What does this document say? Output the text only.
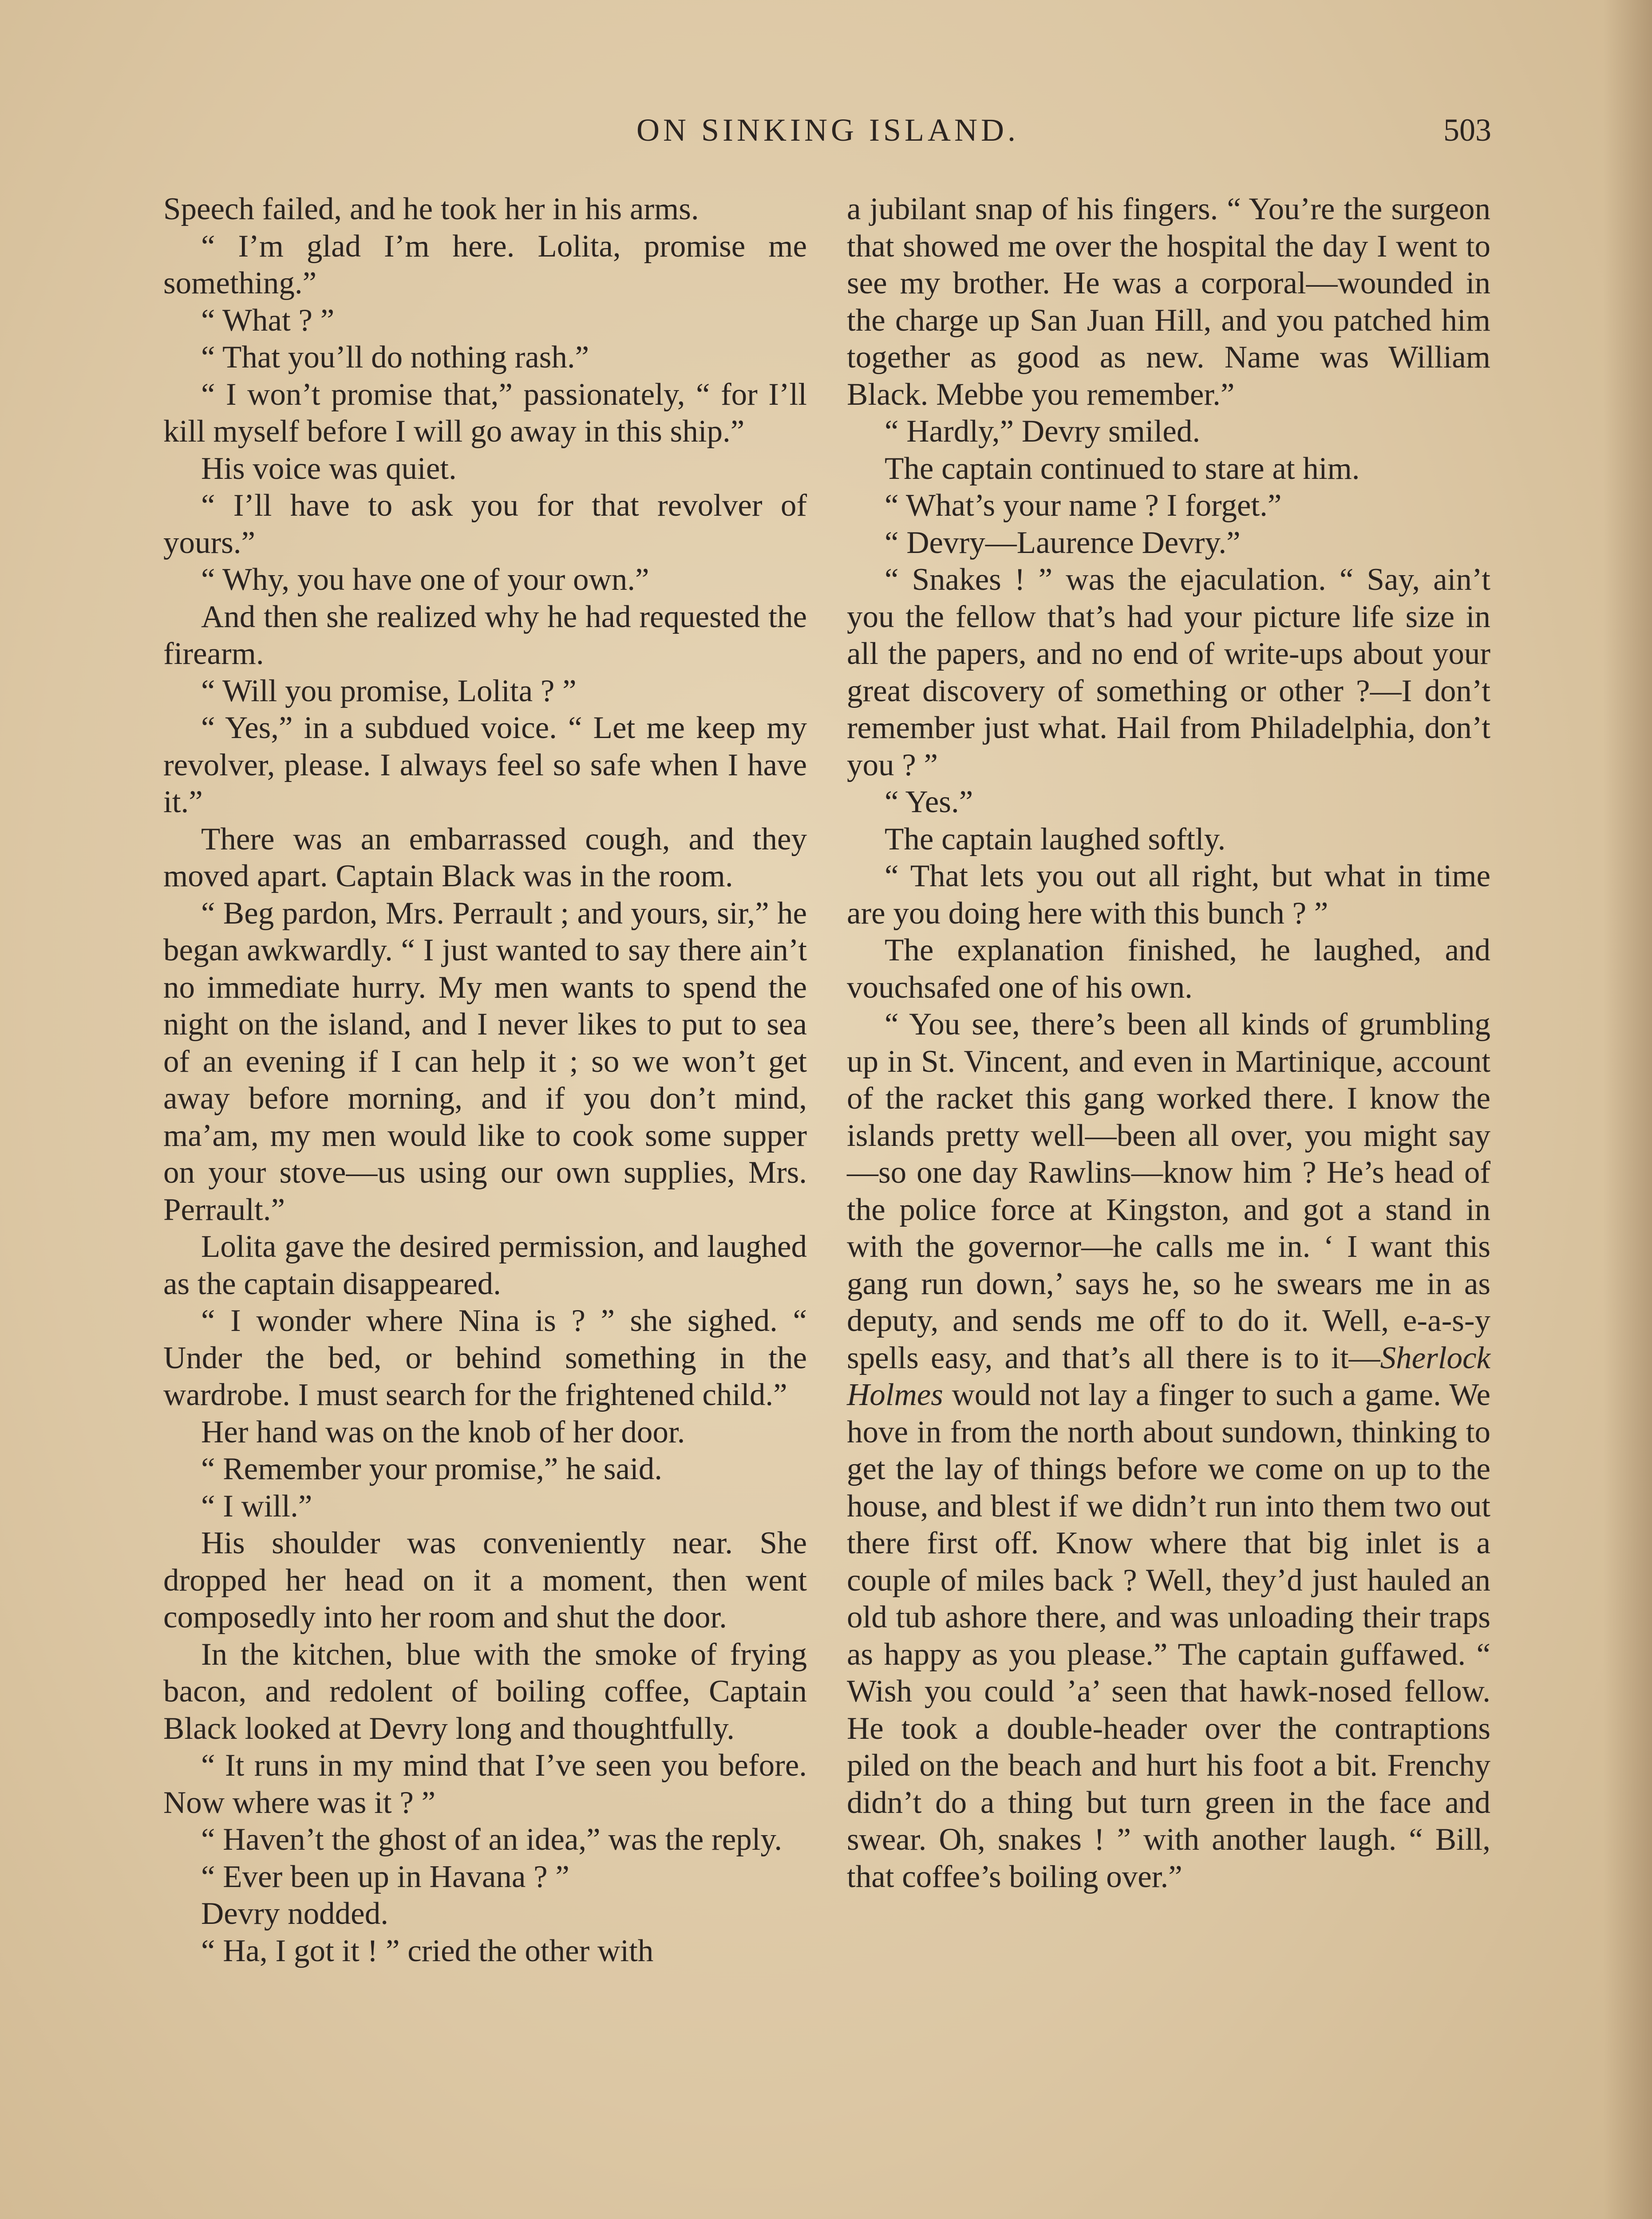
ON SINKING ISLAND.	503

Speech failed, and he took her in his arms.

“ I’m glad I’m here. Lolita, promise me something.”

“ What ? ”

“ That you’ll do nothing rash.”

“ I won’t promise that,” passionately, “ for I’ll kill myself before I will go away in this ship.”

His voice was quiet.

“ I’ll have to ask you for that revolver of yours.”

“ Why, you have one of your own.”

And then she realized why he had requested the firearm.

“ Will you promise, Lolita ? ”

“ Yes,” in a subdued voice. “ Let me keep my revolver, please. I always feel so safe when I have it.”

There was an embarrassed cough, and they moved apart. Captain Black was in the room.

“ Beg pardon, Mrs. Perrault ; and yours, sir,” he began awkwardly. “ I just wanted to say there ain’t no immediate hurry. My men wants to spend the night on the island, and I never likes to put to sea of an evening if I can help it ; so we won’t get away before morning, and if you don’t mind, ma’am, my men would like to cook some supper on your stove—us using our own supplies, Mrs. Perrault.”

Lolita gave the desired permission, and laughed as the captain disappeared.

“ I wonder where Nina is ? ” she sighed. “ Under the bed, or behind something in the wardrobe. I must search for the frightened child.”

Her hand was on the knob of her door.

“ Remember your promise,” he said.

“ I will.”

His shoulder was conveniently near. She dropped her head on it a moment, then went composedly into her room and shut the door.

In the kitchen, blue with the smoke of frying bacon, and redolent of boiling coffee, Captain Black looked at Devry long and thoughtfully.

“ It runs in my mind that I’ve seen you before. Now where was it ? ”

“ Haven’t the ghost of an idea,” was the reply.

“ Ever been up in Havana ? ”

Devry nodded.

“ Ha, I got it ! ” cried the other with

a jubilant snap of his fingers. “ You’re the surgeon that showed me over the hospital the day I went to see my brother. He was a corporal—wounded in the charge up San Juan Hill, and you patched him together as good as new. Name was William Black. Mebbe you remember.”

“ Hardly,” Devry smiled.

The captain continued to stare at him.

“ What’s your name ? I forget.”

“ Devry—Laurence Devry.”

“ Snakes ! ” was the ejaculation. “ Say, ain’t you the fellow that’s had your picture life size in all the papers, and no end of write-ups about your great discovery of something or other ?—I don’t remember just what. Hail from Philadelphia, don’t you ? ”

“ Yes.”

The captain laughed softly.

“ That lets you out all right, but what in time are you doing here with this bunch ? ”

The explanation finished, he laughed, and vouchsafed one of his own.

“ You see, there’s been all kinds of grumbling up in St. Vincent, and even in Martinique, account of the racket this gang worked there. I know the islands pretty well—been all over, you might say—so one day Rawlins—know him ? He’s head of the police force at Kingston, and got a stand in with the governor—he calls me in. ‘ I want this gang run down,’ says he, so he swears me in as deputy, and sends me off to do it. Well, e-a-s-y spells easy, and that’s all there is to it—Sherlock Holmes would not lay a finger to such a game. We hove in from the north about sundown, thinking to get the lay of things before we come on up to the house, and blest if we didn’t run into them two out there first off. Know where that big inlet is a couple of miles back ? Well, they’d just hauled an old tub ashore there, and was unloading their traps as happy as you please.” The captain guffawed. “ Wish you could ’a’ seen that hawk-nosed fellow. He took a double-header over the contraptions piled on the beach and hurt his foot a bit. Frenchy didn’t do a thing but turn green in the face and swear. Oh, snakes ! ” with another laugh. “ Bill, that coffee’s boiling over.”
